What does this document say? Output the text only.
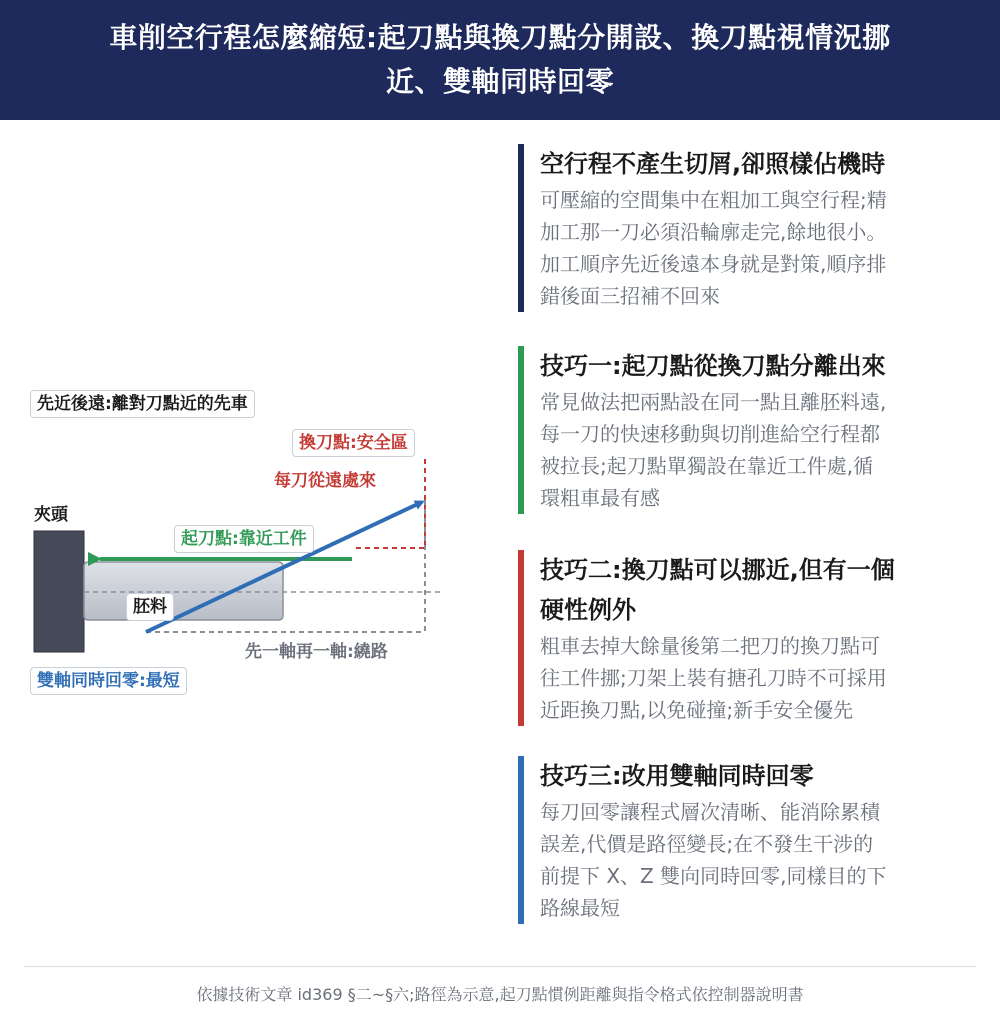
車削空行程怎麼縮短:起刀點與換刀點分開設、換刀點視情況挪
近、雙軸同時回零
先近後遠:離對刀點近的先車
換刀點:安全區
每刀從遠處來
夾頭
起刀點:靠近工件
胚料
先一軸再一軸:繞路
雙軸同時回零:最短
空行程不產生切屑,卻照樣佔機時

可壓縮的空間集中在粗加工與空行程;精

加工那一刀必須沿輪廓走完,餘地很小。

加工順序先近後遠本身就是對策,順序排

錯後面三招補不回來

技巧一:起刀點從換刀點分離出來

常見做法把兩點設在同一點且離胚料遠,

每一刀的快速移動與切削進給空行程都

被拉長;起刀點單獨設在靠近工件處,循

環粗車最有感

技巧二:換刀點可以挪近,但有一個
硬性例外

粗車去掉大餘量後第二把刀的換刀點可

往工件挪;刀架上裝有搪孔刀時不可採用

近距換刀點,以免碰撞;新手安全優先

技巧三:改用雙軸同時回零

每刀回零讓程式層次清晰、能消除累積

誤差,代價是路徑變長;在不發生干涉的

前提下 X、Z 雙向同時回零,同樣目的下

路線最短

依據技術文章 id369 §二~§六;路徑為示意,起刀點慣例距離與指令格式依控制器說明書
